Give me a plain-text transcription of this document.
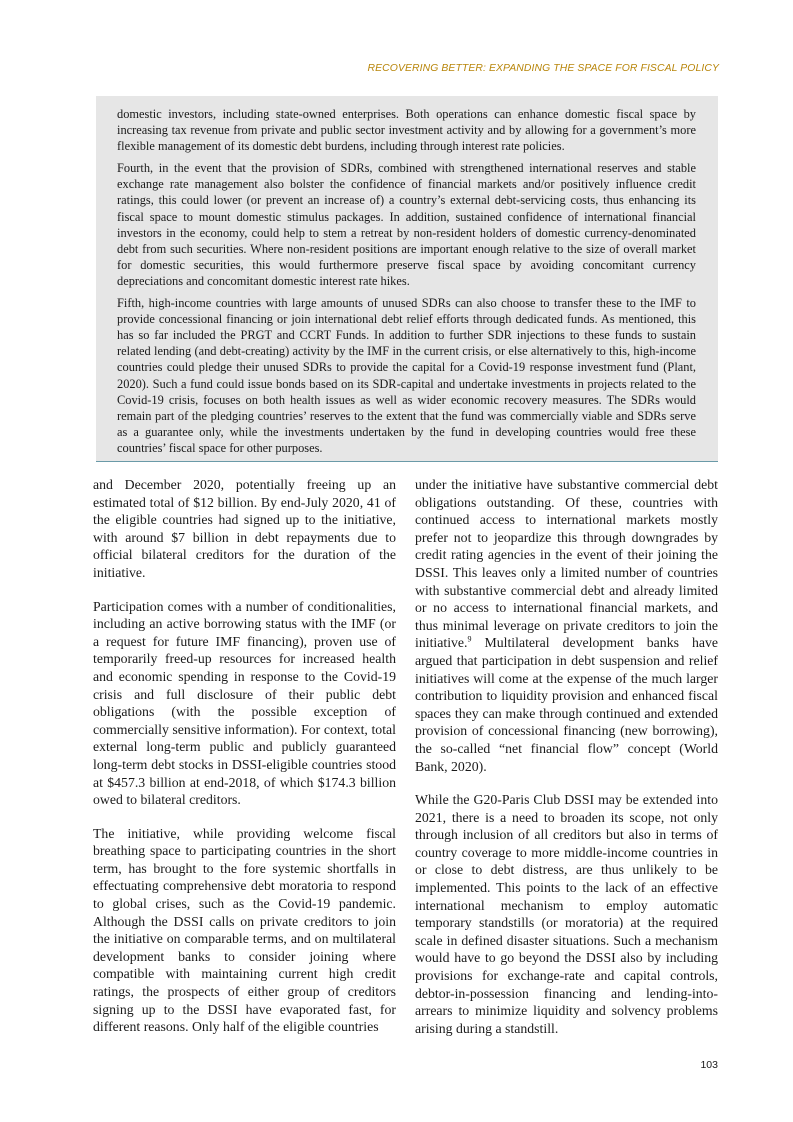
RECOVERING BETTER: EXPANDING THE SPACE FOR FISCAL POLICY

domestic investors, including state-owned enterprises. Both operations can enhance domestic fiscal space by increasing tax revenue from private and public sector investment activity and by allowing for a government’s more flexible management of its domestic debt burdens, including through interest rate policies.

Fourth, in the event that the provision of SDRs, combined with strengthened international reserves and stable exchange rate management also bolster the confidence of financial markets and/or positively influence credit ratings, this could lower (or prevent an increase of) a country’s external debt-servicing costs, thus enhancing its fiscal space to mount domestic stimulus packages. In addition, sustained confidence of international financial investors in the economy, could help to stem a retreat by non-resident holders of domestic currency-denominated debt from such securities. Where non-resident positions are important enough relative to the size of overall market for domestic securities, this would furthermore preserve fiscal space by avoiding concomitant currency depreciations and concomitant domestic interest rate hikes.

Fifth, high-income countries with large amounts of unused SDRs can also choose to transfer these to the IMF to provide concessional financing or join international debt relief efforts through dedicated funds. As mentioned, this has so far included the PRGT and CCRT Funds. In addition to further SDR injections to these funds to sustain related lending (and debt-creating) activity by the IMF in the current crisis, or else alternatively to this, high-income countries could pledge their unused SDRs to provide the capital for a Covid-19 response investment fund (Plant, 2020). Such a fund could issue bonds based on its SDR-capital and undertake investments in projects related to the Covid-19 crisis, focuses on both health issues as well as wider economic recovery measures. The SDRs would remain part of the pledging countries’ reserves to the extent that the fund was commercially viable and SDRs serve as a guarantee only, while the investments undertaken by the fund in developing countries would free these countries’ fiscal space for other purposes.

and December 2020, potentially freeing up an estimated total of $12 billion. By end-July 2020, 41 of the eligible countries had signed up to the initiative, with around $7 billion in debt repayments due to official bilateral creditors for the duration of the initiative.

Participation comes with a number of conditionalities, including an active borrowing status with the IMF (or a request for future IMF financing), proven use of temporarily freed-up resources for increased health and economic spending in response to the Covid-19 crisis and full disclosure of their public debt obligations (with the possible exception of commercially sensitive information). For context, total external long-term public and publicly guaranteed long-term debt stocks in DSSI-eligible countries stood at $457.3 billion at end-2018, of which $174.3 billion owed to bilateral creditors.

The initiative, while providing welcome fiscal breathing space to participating countries in the short term, has brought to the fore systemic shortfalls in effectuating comprehensive debt moratoria to respond to global crises, such as the Covid-19 pandemic. Although the DSSI calls on private creditors to join the initiative on comparable terms, and on multilateral development banks to consider joining where compatible with maintaining current high credit ratings, the prospects of either group of creditors signing up to the DSSI have evaporated fast, for different reasons. Only half of the eligible countries

under the initiative have substantive commercial debt obligations outstanding. Of these, countries with continued access to international markets mostly prefer not to jeopardize this through downgrades by credit rating agencies in the event of their joining the DSSI. This leaves only a limited number of countries with substantive commercial debt and already limited or no access to international financial markets, and thus minimal leverage on private creditors to join the initiative.$^9$ Multilateral development banks have argued that participation in debt suspension and relief initiatives will come at the expense of the much larger contribution to liquidity provision and enhanced fiscal spaces they can make through continued and extended provision of concessional financing (new borrowing), the so-called “net financial flow” concept (World Bank, 2020).

While the G20-Paris Club DSSI may be extended into 2021, there is a need to broaden its scope, not only through inclusion of all creditors but also in terms of country coverage to more middle-income countries in or close to debt distress, are thus unlikely to be implemented. This points to the lack of an effective international mechanism to employ automatic temporary standstills (or moratoria) at the required scale in defined disaster situations. Such a mechanism would have to go beyond the DSSI also by including provisions for exchange-rate and capital controls, debtor-in-possession financing and lending-into-arrears to minimize liquidity and solvency problems arising during a standstill.

103
